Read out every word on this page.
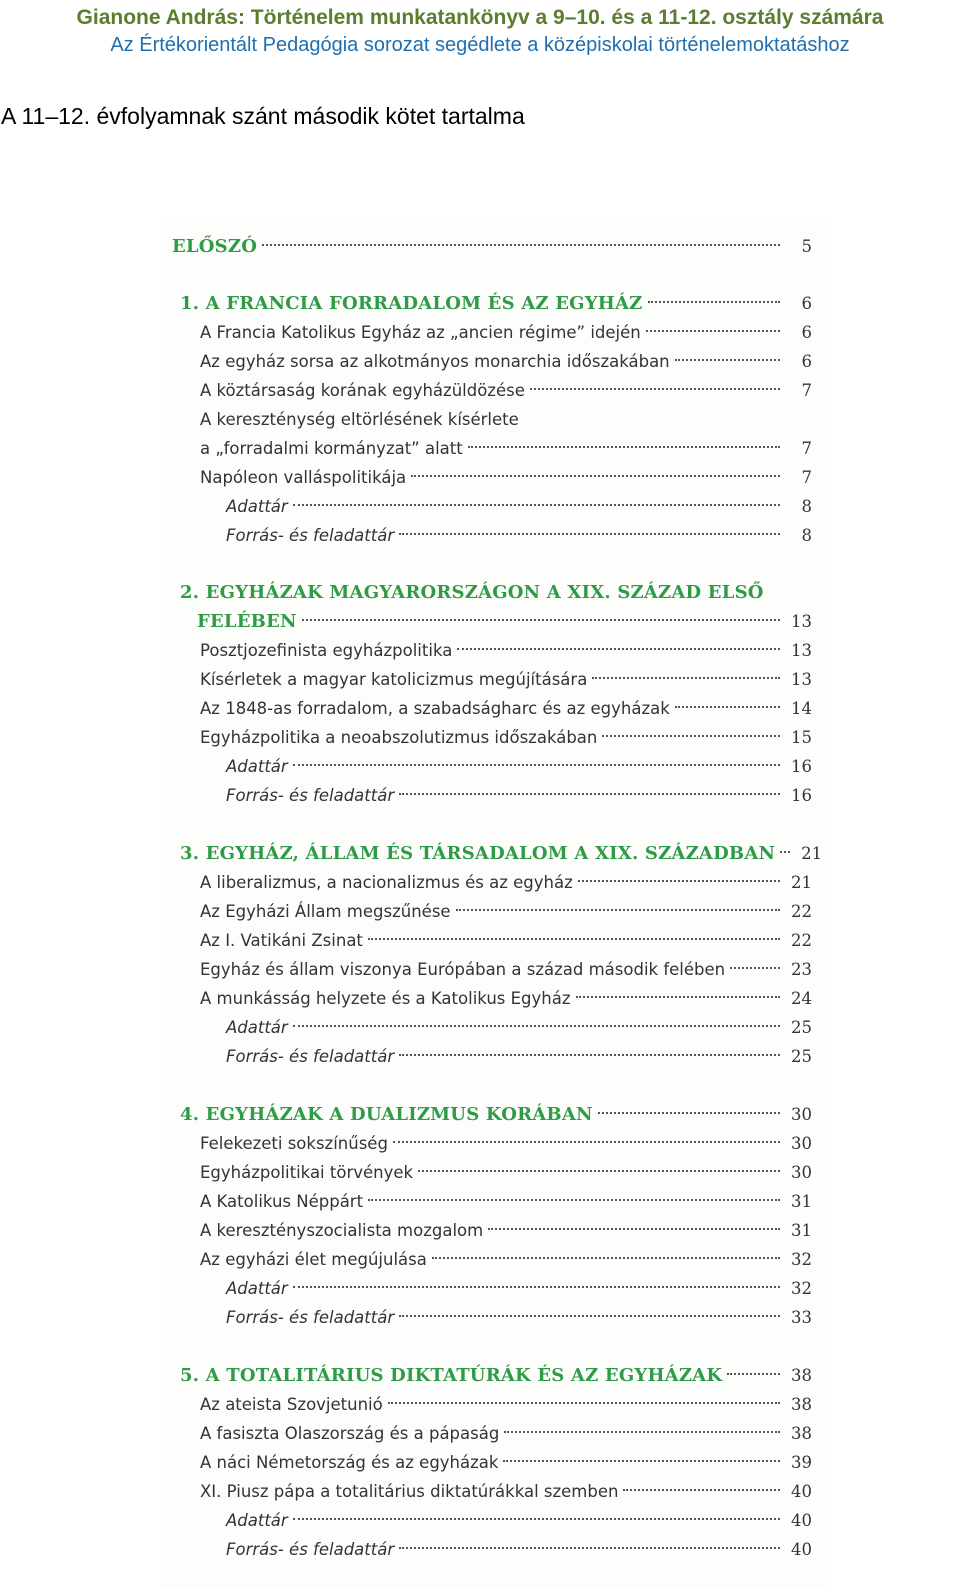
Gianone András: Történelem munkatankönyv a 9–10. és a 11-12. osztály számára
Az Értékorientált Pedagógia sorozat segédlete a középiskolai történelemoktatáshoz
A 11–12. évfolyamnak szánt második kötet tartalma
ELŐSZÓ	5
1. A FRANCIA FORRADALOM ÉS AZ EGYHÁZ	6
A Francia Katolikus Egyház az „ancien régime” idején	6
Az egyház sorsa az alkotmányos monarchia időszakában	6
A köztársaság korának egyházüldözése	7
A kereszténység eltörlésének kísérlete
a „forradalmi kormányzat” alatt	7
Napóleon valláspolitikája	7
Adattár	8
Forrás- és feladattár	8
2. EGYHÁZAK MAGYARORSZÁGON A XIX. SZÁZAD ELSŐ
FELÉBEN	13
Posztjozefinista egyházpolitika	13
Kísérletek a magyar katolicizmus megújítására	13
Az 1848-as forradalom, a szabadságharc és az egyházak	14
Egyházpolitika a neoabszolutizmus időszakában	15
Adattár	16
Forrás- és feladattár	16
3. EGYHÁZ, ÁLLAM ÉS TÁRSADALOM A XIX. SZÁZADBAN 21
A liberalizmus, a nacionalizmus és az egyház	21
Az Egyházi Állam megszűnése	22
Az I. Vatikáni Zsinat	22
Egyház és állam viszonya Európában a század második felében	23
A munkásság helyzete és a Katolikus Egyház	24
Adattár	25
Forrás- és feladattár	25
4. EGYHÁZAK A DUALIZMUS KORÁBAN	30
Felekezeti sokszínűség	30
Egyházpolitikai törvények	30
A Katolikus Néppárt	31
A keresztényszocialista mozgalom	31
Az egyházi élet megújulása	32
Adattár	32
Forrás- és feladattár	33
5. A TOTALITÁRIUS DIKTATÚRÁK ÉS AZ EGYHÁZAK	38
Az ateista Szovjetunió	38
A fasiszta Olaszország és a pápaság	38
A náci Németország és az egyházak	39
XI. Piusz pápa a totalitárius diktatúrákkal szemben	40
Adattár	40
Forrás- és feladattár	40
